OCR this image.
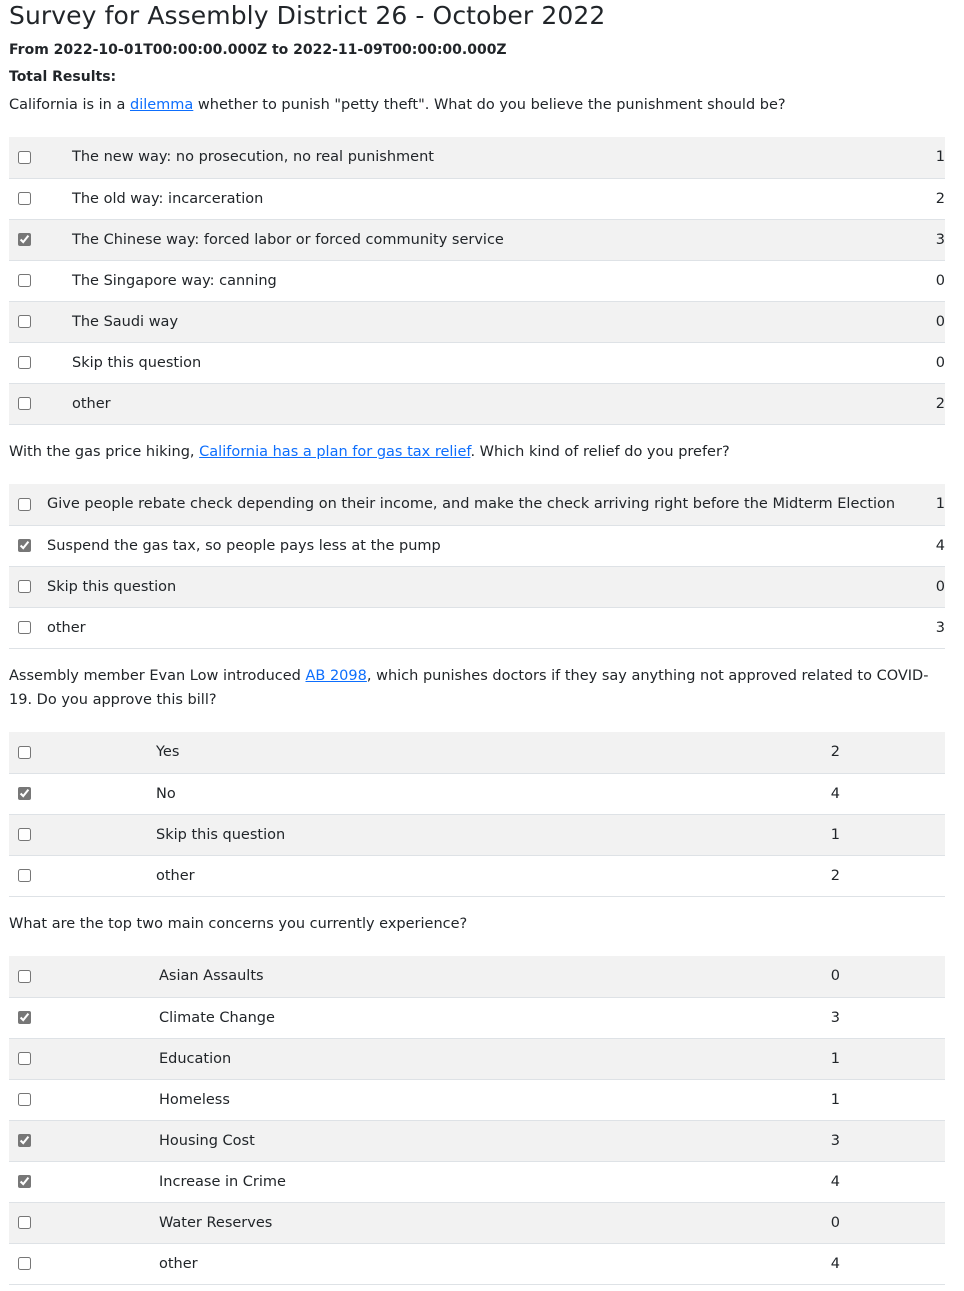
Survey for Assembly District 26 - October 2022
From 2022-10-01T00:00:00.000Z to 2022-11-09T00:00:00.000Z
Total Results:
California is in a dilemma whether to punish "petty theft". What do you believe the punishment should be?
	The new way: no prosecution, no real punishment	1
	The old way: incarceration	2
	The Chinese way: forced labor or forced community service	3
	The Singapore way: canning	0
	The Saudi way	0
	Skip this question	0
	other	2
With the gas price hiking, California has a plan for gas tax relief. Which kind of relief do you prefer?
	Give people rebate check depending on their income, and make the check arriving right before the Midterm Election	1
	Suspend the gas tax, so people pays less at the pump	4
	Skip this question	0
	other	3
Assembly member Evan Low introduced AB 2098, which punishes doctors if they say anything not approved related to COVID-19. Do you approve this bill?
	Yes	2	
	No	4	
	Skip this question	1	
	other	2	
What are the top two main concerns you currently experience?
	Asian Assaults	0	
	Climate Change	3	
	Education	1	
	Homeless	1	
	Housing Cost	3	
	Increase in Crime	4	
	Water Reserves	0	
	other	4	
